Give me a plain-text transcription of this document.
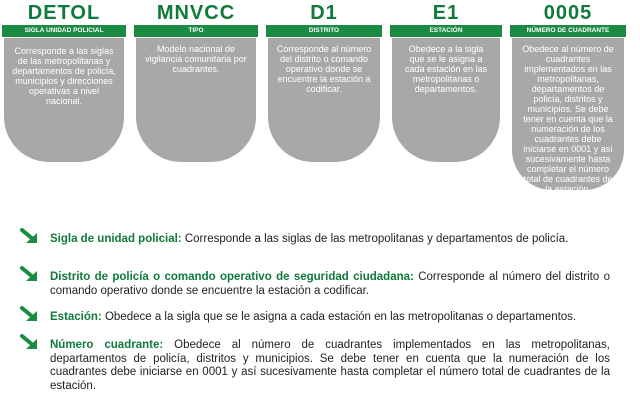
DETOL
SIGLA UNIDAD POLICIAL
Corresponde a las siglas de las metropolitanas y departamentos de policía, municipios y direcciones operativas a nivel nacional.
MNVCC
TIPO
Modelo nacional de vigilancia comunitaria por cuadrantes.
D1
DISTRITO
Corresponde al número del distrito o comando operativo donde se encuentre la estación a codificar.
E1
ESTACIÓN
Obedece a la sigla que se le asigna a cada estación en las metropolitanas o departamentos.
0005
NÚMERO DE CUADRANTE
Obedece al número de cuadrantes implementados en las metropolitanas, departamentos de policía, distritos y municipios. Se debe tener en cuenta que la numeración de los cuadrantes debe iniciarse en 0001 y así sucesivamente hasta completar el número total de cuadrantes de la estación.
Sigla de unidad policial: Corresponde a las siglas de las metropolitanas y departamentos de policía.
Distrito de policía o comando operativo de seguridad ciudadana: Corresponde al número del distrito o comando operativo donde se encuentre la estación a codificar.
Estación: Obedece a la sigla que se le asigna a cada estación en las metropolitanas o departamentos.
Número cuadrante: Obedece al número de cuadrantes implementados en las metropolitanas, departamentos de policía, distritos y municipios. Se debe tener en cuenta que la numeración de los cuadrantes debe iniciarse en 0001 y así sucesivamente hasta completar el número total de cuadrantes de la estación.
